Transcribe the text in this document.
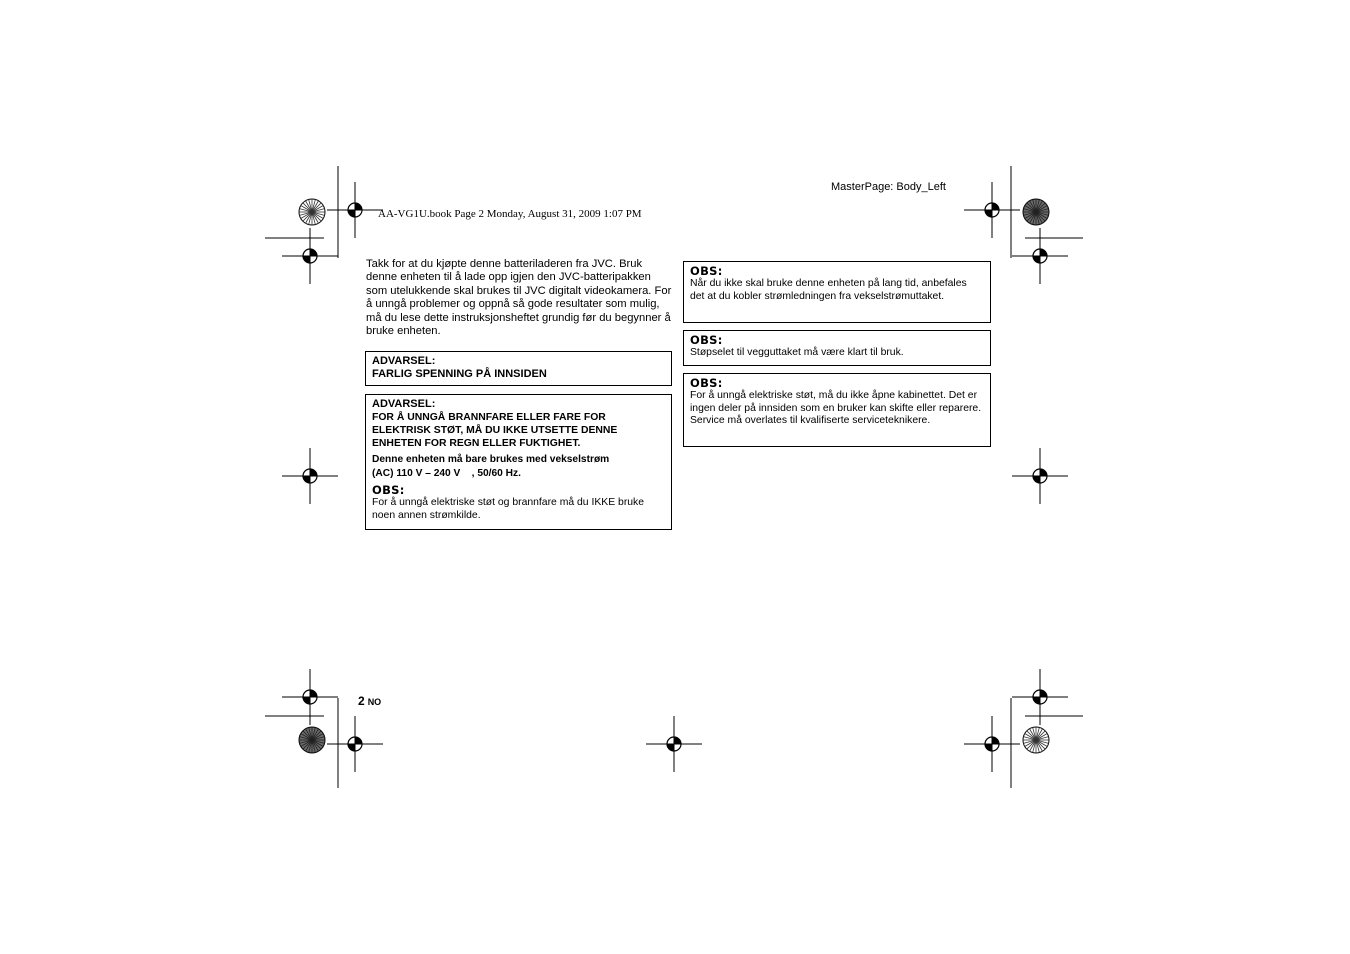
AA-VG1U.book Page 2 Monday, August 31, 2009 1:07 PM
MasterPage: Body_Left
Takk for at du kjøpte denne batteriladeren fra JVC. Bruk denne enheten til å lade opp igjen den JVC-batteripakken som utelukkende skal brukes til JVC digitalt videokamera. For å unngå problemer og oppnå så gode resultater som mulig, må du lese dette instruksjonsheftet grundig før du begynner å bruke enheten.
ADVARSEL:
FARLIG SPENNING PÅ INNSIDEN
ADVARSEL:
FOR Å UNNGÅ BRANNFARE ELLER FARE FOR ELEKTRISK STØT, MÅ DU IKKE UTSETTE DENNE ENHETEN FOR REGN ELLER FUKTIGHET.
Denne enheten må bare brukes med vekselstrøm
(AC) 110 V – 240 V    , 50/60 Hz.
OBS:
For å unngå elektriske støt og brannfare må du IKKE bruke noen annen strømkilde.
OBS:
Når du ikke skal bruke denne enheten på lang tid, anbefales det at du kobler strømledningen fra vekselstrømuttaket.
OBS:
Støpselet til vegguttaket må være klart til bruk.
OBS:
For å unngå elektriske støt, må du ikke åpne kabinettet. Det er ingen deler på innsiden som en bruker kan skifte eller reparere. Service må overlates til kvalifiserte serviceteknikere.
2 NO
